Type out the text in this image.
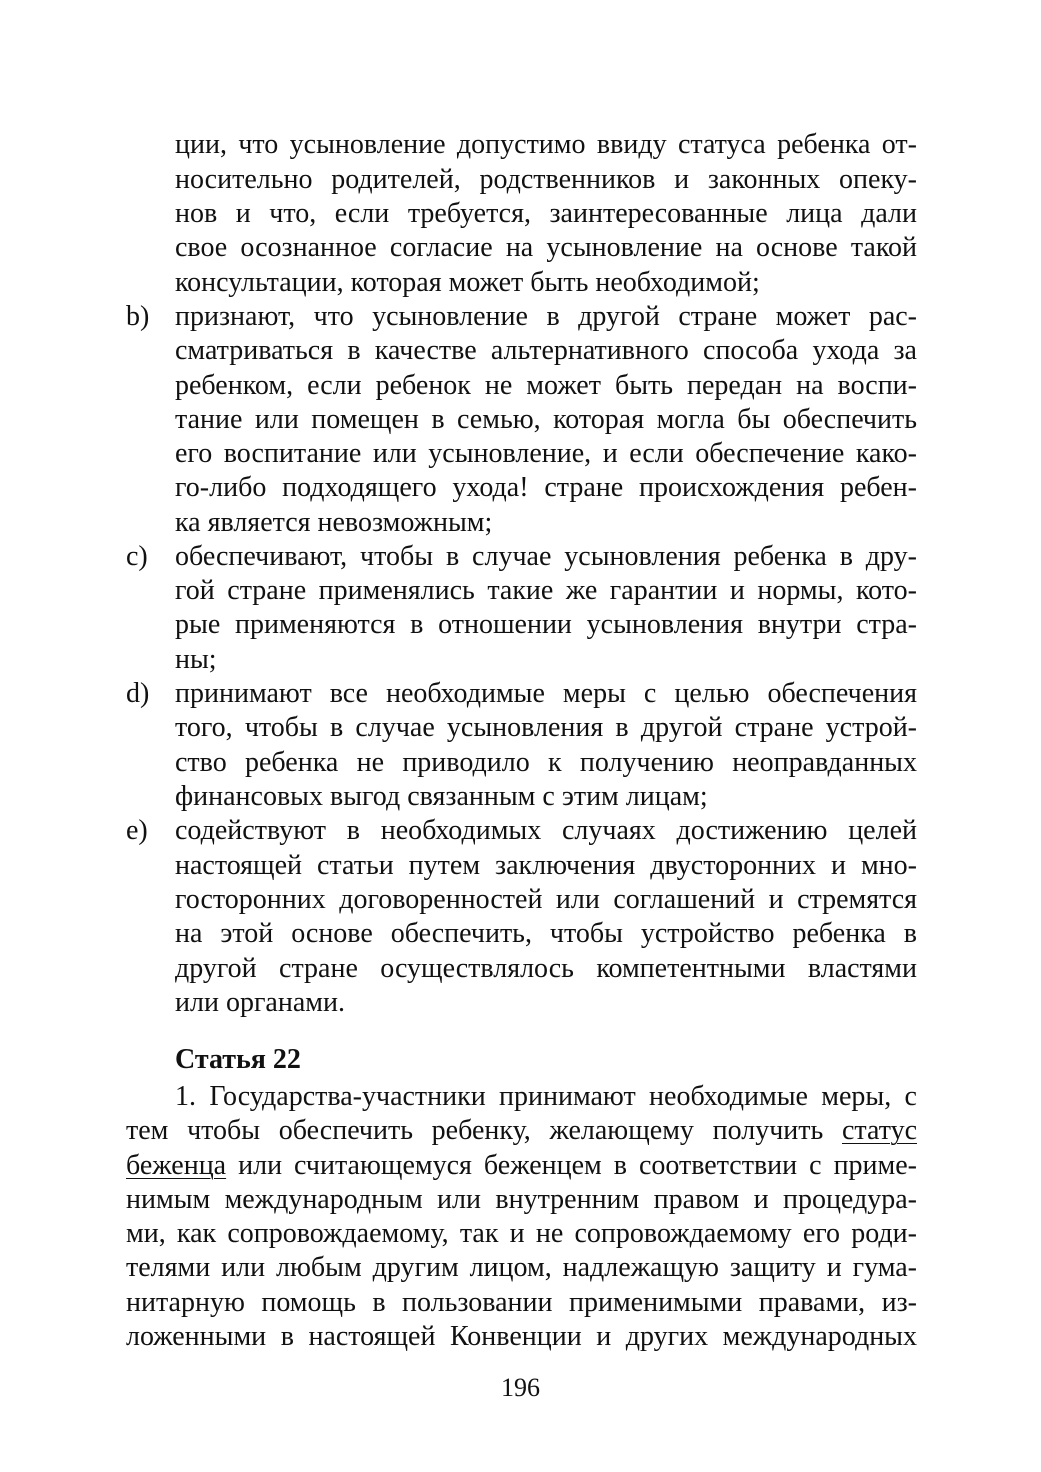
ции, что усыновление допустимо ввиду статуса ребенка от-
носительно родителей, родственников и законных опеку-
нов и что, если требуется, заинтересованные лица дали
свое осознанное согласие на усыновление на основе такой
консультации, которая может быть необходимой;
b) признают, что усыновление в другой стране может рас-
сматриваться в качестве альтернативного способа ухода за
ребенком, если ребенок не может быть передан на воспи-
тание или помещен в семью, которая могла бы обеспечить
его воспитание или усыновление, и если обеспечение како-
го-либо подходящего ухода! стране происхождения ребен-
ка является невозможным;
c) обеспечивают, чтобы в случае усыновления ребенка в дру-
гой стране применялись такие же гарантии и нормы, кото-
рые применяются в отношении усыновления внутри стра-
ны;
d) принимают все необходимые меры с целью обеспечения
того, чтобы в случае усыновления в другой стране устрой-
ство ребенка не приводило к получению неоправданных
финансовых выгод связанным с этим лицам;
e) содействуют в необходимых случаях достижению целей
настоящей статьи путем заключения двусторонних и мно-
госторонних договоренностей или соглашений и стремятся
на этой основе обеспечить, чтобы устройство ребенка в
другой стране осуществлялось компетентными властями
или органами.
Статья 22
1. Государства-участники принимают необходимые меры, с
тем чтобы обеспечить ребенку, желающему получить статус
беженца или считающемуся беженцем в соответствии с приме-
нимым международным или внутренним правом и процедура-
ми, как сопровождаемому, так и не сопровождаемому его роди-
телями или любым другим лицом, надлежащую защиту и гума-
нитарную помощь в пользовании применимыми правами, из-
ложенными в настоящей Конвенции и других международных
196
